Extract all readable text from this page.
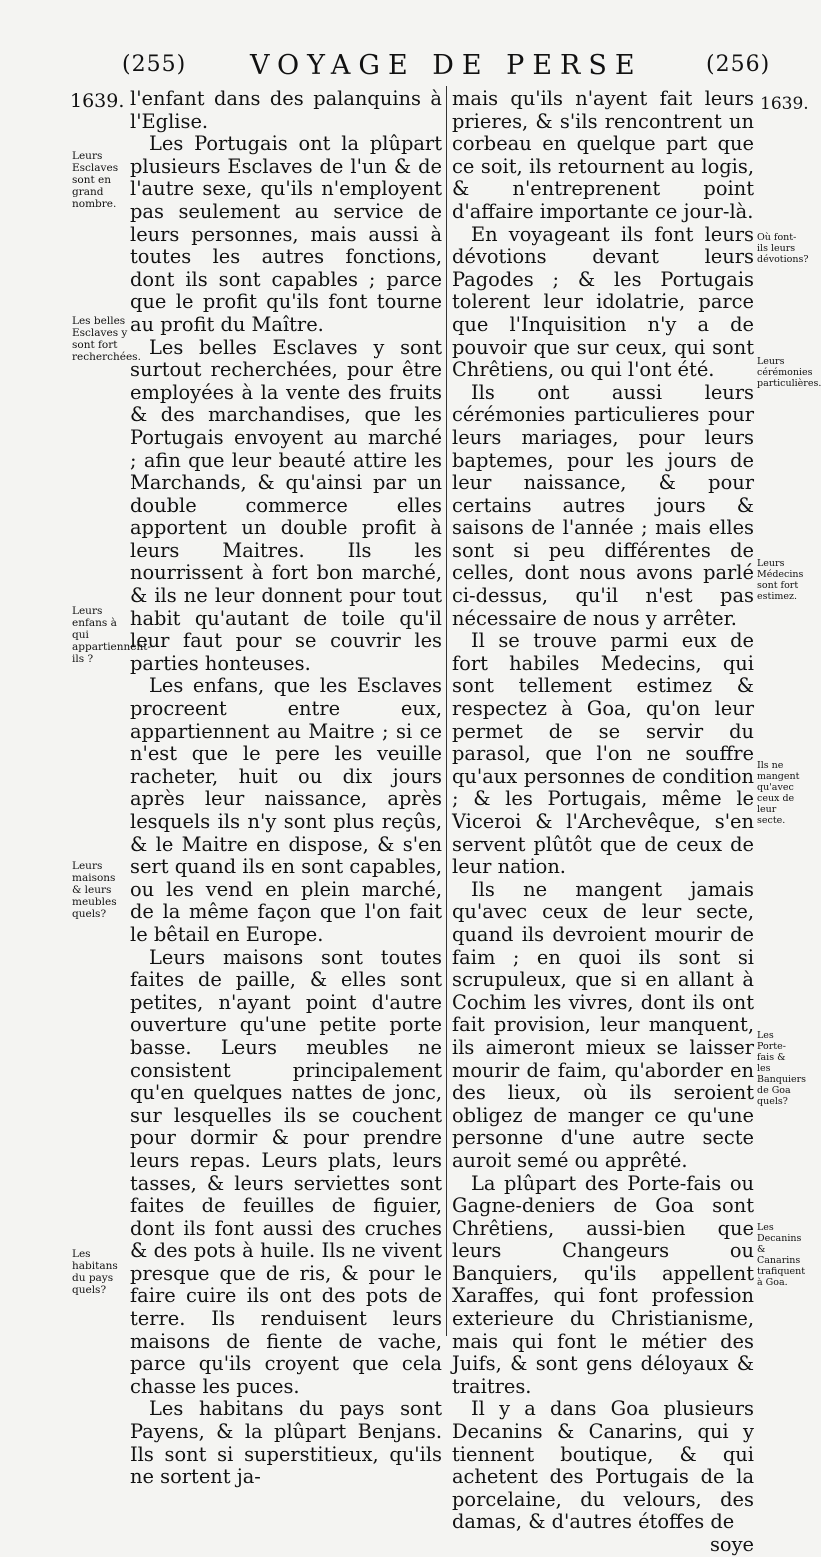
(255) VOYAGE DE PERSE	(256)
1639.	1639.
Leurs Esclaves sont en grand nombre.
Les belles Esclaves y sont fort recherchées.
Leurs enfans à qui appartiennent-ils ?
Leurs maisons & leurs meubles quels?
Les habitans du pays quels?
Où font-ils leurs dévotions?
Leurs cérémonies particulières.
Leurs Médecins sont fort estimez.
Ils ne mangent qu'avec ceux de leur secte.
Les Porte-fais & les Banquiers de Goa quels?
Les Decanins & Canarins trafiquent à Goa.

l'enfant dans des palanquins à l'Eglise.

Les Portugais ont la plûpart plusieurs Esclaves de l'un & de l'autre sexe, qu'ils n'employent pas seulement au service de leurs personnes, mais aussi à toutes les autres fonctions, dont ils sont capables ; parce que le profit qu'ils font tourne au profit du Maître.

Les belles Esclaves y sont surtout recherchées, pour être employées à la vente des fruits & des marchandises, que les Portugais envoyent au marché ; afin que leur beauté attire les Marchands, & qu'ainsi par un double commerce elles apportent un double profit à leurs Maitres. Ils les nourrissent à fort bon marché, & ils ne leur donnent pour tout habit qu'autant de toile qu'il leur faut pour se couvrir les parties honteuses.

Les enfans, que les Esclaves procreent entre eux, appartiennent au Maitre ; si ce n'est que le pere les veuille racheter, huit ou dix jours après leur naissance, après lesquels ils n'y sont plus reçûs, & le Maitre en dispose, & s'en sert quand ils en sont capables, ou les vend en plein marché, de la même façon que l'on fait le bêtail en Europe.

Leurs maisons sont toutes faites de paille, & elles sont petites, n'ayant point d'autre ouverture qu'une petite porte basse. Leurs meubles ne consistent principalement qu'en quelques nattes de jonc, sur lesquelles ils se couchent pour dormir & pour prendre leurs repas. Leurs plats, leurs tasses, & leurs serviettes sont faites de feuilles de figuier, dont ils font aussi des cruches & des pots à huile. Ils ne vivent presque que de ris, & pour le faire cuire ils ont des pots de terre. Ils renduisent leurs maisons de fiente de vache, parce qu'ils croyent que cela chasse les puces.

Les habitans du pays sont Payens, & la plûpart Benjans. Ils sont si superstitieux, qu'ils ne sortent ja-

mais qu'ils n'ayent fait leurs prieres, & s'ils rencontrent un corbeau en quelque part que ce soit, ils retournent au logis, & n'entreprenent point d'affaire importante ce jour-là.

En voyageant ils font leurs dévotions devant leurs Pagodes ; & les Portugais tolerent leur idolatrie, parce que l'Inquisition n'y a de pouvoir que sur ceux, qui sont Chrêtiens, ou qui l'ont été.

Ils ont aussi leurs cérémonies particulieres pour leurs mariages, pour leurs baptemes, pour les jours de leur naissance, & pour certains autres jours & saisons de l'année ; mais elles sont si peu différentes de celles, dont nous avons parlé ci-dessus, qu'il n'est pas nécessaire de nous y arrêter.

Il se trouve parmi eux de fort habiles Medecins, qui sont tellement estimez & respectez à Goa, qu'on leur permet de se servir du parasol, que l'on ne souffre qu'aux personnes de condition ; & les Portugais, même le Viceroi & l'Archevêque, s'en servent plûtôt que de ceux de leur nation.

Ils ne mangent jamais qu'avec ceux de leur secte, quand ils devroient mourir de faim ; en quoi ils sont si scrupuleux, que si en allant à Cochim les vivres, dont ils ont fait provision, leur manquent, ils aimeront mieux se laisser mourir de faim, qu'aborder en des lieux, où ils seroient obligez de manger ce qu'une personne d'une autre secte auroit semé ou apprêté.

La plûpart des Porte-fais ou Gagne-deniers de Goa sont Chrêtiens, aussi-bien que leurs Changeurs ou Banquiers, qu'ils appellent Xaraffes, qui font profession exterieure du Christianisme, mais qui font le métier des Juifs, & sont gens déloyaux & traitres.

Il y a dans Goa plusieurs Decanins & Canarins, qui y tiennent boutique, & qui achetent des Portugais de la porcelaine, du velours, des damas, & d'autres étoffes de

soye
